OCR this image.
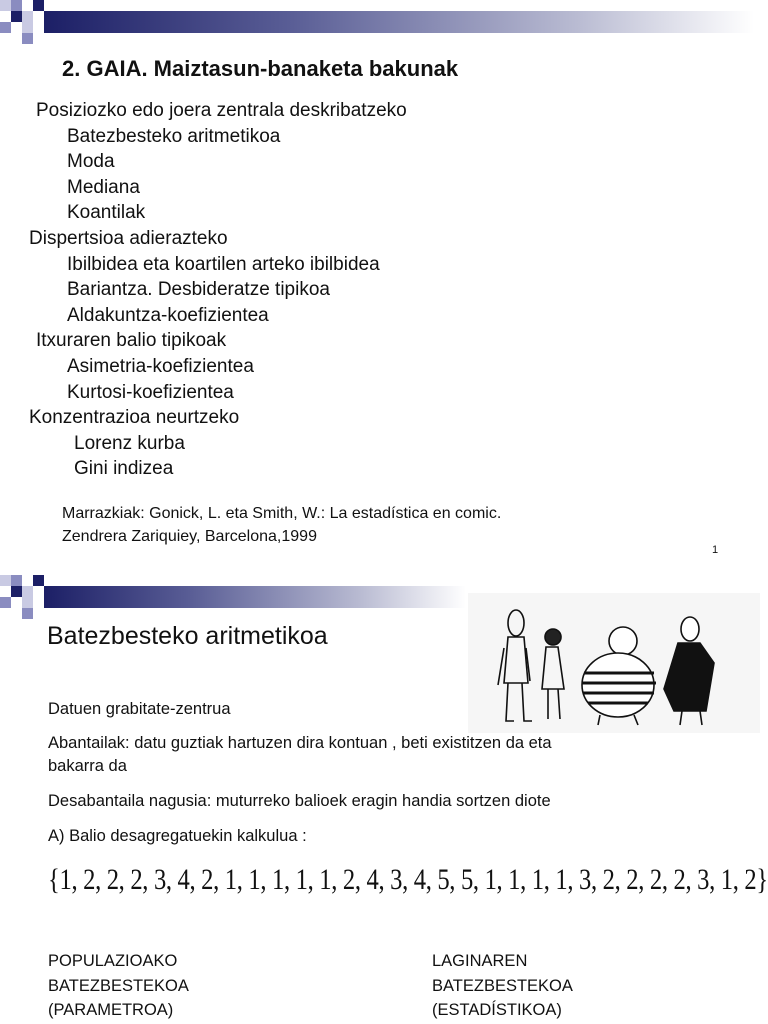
2. GAIA. Maiztasun-banaketa bakunak
Posiziozko edo joera zentrala deskribatzeko
Batezbesteko aritmetikoa
Moda
Mediana
Koantilak
Dispertsioa adierazteko
Ibilbidea eta koartilen arteko ibilbidea
Bariantza. Desbideratze tipikoa
Aldakuntza-koefizientea
Itxuraren balio tipikoak
Asimetria-koefizientea
Kurtosi-koefizientea
Konzentrazioa neurtzeko
Lorenz kurba
Gini indizea

Marrazkiak: Gonick, L. eta Smith, W.: La estadística en comic.
Zendrera Zariquiey, Barcelona,1999

1
Batezbesteko aritmetikoa

Datuen grabitate-zentrua

Abantailak: datu guztiak hartuzen dira kontuan , beti existitzen da eta
bakarra da

Desabantaila nagusia: muturreko balioek eragin handia sortzen diote

A) Balio desagregatuekin kalkulua :

{1, 2, 2, 2, 3, 4, 2, 1, 1, 1, 1, 1, 2, 4, 3, 4, 5, 5, 1, 1, 1, 1, 3, 2, 2, 2, 2, 3, 1, 2}

POPULAZIOAKO
BATEZBESTEKOA
(PARAMETROA)

LAGINAREN
BATEZBESTEKOA
(ESTADÍSTIKOA)
